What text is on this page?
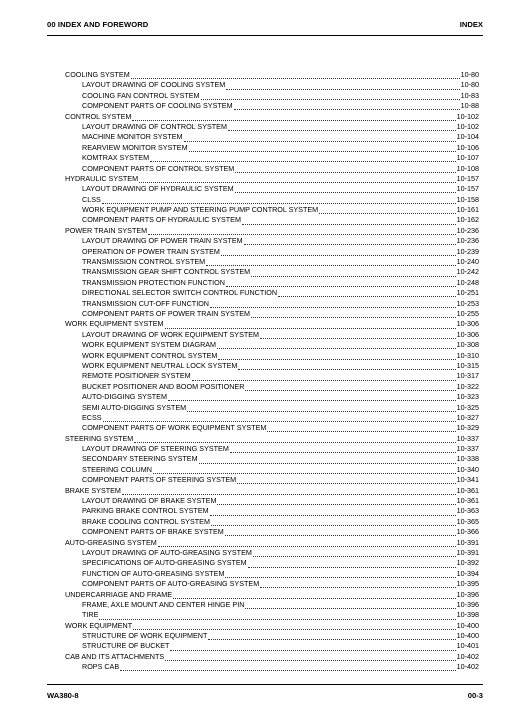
00 INDEX AND FOREWORD	INDEX
COOLING SYSTEM	10-80
LAYOUT DRAWING OF COOLING SYSTEM	10-80
COOLING FAN CONTROL SYSTEM	10-83
COMPONENT PARTS OF COOLING SYSTEM	10-88
CONTROL SYSTEM	10-102
LAYOUT DRAWING OF CONTROL SYSTEM	10-102
MACHINE MONITOR SYSTEM	10-104
REARVIEW MONITOR SYSTEM	10-106
KOMTRAX SYSTEM	10-107
COMPONENT PARTS OF CONTROL SYSTEM	10-108
HYDRAULIC SYSTEM	10-157
LAYOUT DRAWING OF HYDRAULIC SYSTEM	10-157
CLSS	10-158
WORK EQUIPMENT PUMP AND STEERING PUMP CONTROL SYSTEM	10-161
COMPONENT PARTS OF HYDRAULIC SYSTEM	10-162
POWER TRAIN SYSTEM	10-236
LAYOUT DRAWING OF POWER TRAIN SYSTEM	10-236
OPERATION OF POWER TRAIN SYSTEM	10-239
TRANSMISSION CONTROL SYSTEM	10-240
TRANSMISSION GEAR SHIFT CONTROL SYSTEM	10-242
TRANSMISSION PROTECTION FUNCTION	10-248
DIRECTIONAL SELECTOR SWITCH CONTROL FUNCTION	10-251
TRANSMISSION CUT-OFF FUNCTION	10-253
COMPONENT PARTS OF POWER TRAIN SYSTEM	10-255
WORK EQUIPMENT SYSTEM	10-306
LAYOUT DRAWING OF WORK EQUIPMENT SYSTEM	10-306
WORK EQUIPMENT SYSTEM DIAGRAM	10-308
WORK EQUIPMENT CONTROL SYSTEM	10-310
WORK EQUIPMENT NEUTRAL LOCK SYSTEM	10-315
REMOTE POSITIONER SYSTEM	10-317
BUCKET POSITIONER AND BOOM POSITIONER	10-322
AUTO-DIGGING SYSTEM	10-323
SEMI AUTO-DIGGING SYSTEM	10-325
ECSS	10-327
COMPONENT PARTS OF WORK EQUIPMENT SYSTEM	10-329
STEERING SYSTEM	10-337
LAYOUT DRAWING OF STEERING SYSTEM	10-337
SECONDARY STEERING SYSTEM	10-338
STEERING COLUMN	10-340
COMPONENT PARTS OF STEERING SYSTEM	10-341
BRAKE SYSTEM	10-361
LAYOUT DRAWING OF BRAKE SYSTEM	10-361
PARKING BRAKE CONTROL SYSTEM	10-363
BRAKE COOLING CONTROL SYSTEM	10-365
COMPONENT PARTS OF BRAKE SYSTEM	10-366
AUTO-GREASING SYSTEM	10-391
LAYOUT DRAWING OF AUTO-GREASING SYSTEM	10-391
SPECIFICATIONS OF AUTO-GREASING SYSTEM	10-392
FUNCTION OF AUTO-GREASING SYSTEM	10-394
COMPONENT PARTS OF AUTO-GREASING SYSTEM	10-395
UNDERCARRIAGE AND FRAME	10-396
FRAME, AXLE MOUNT AND CENTER HINGE PIN	10-396
TIRE	10-398
WORK EQUIPMENT	10-400
STRUCTURE OF WORK EQUIPMENT	10-400
STRUCTURE OF BUCKET	10-401
CAB AND ITS ATTACHMENTS	10-402
ROPS CAB	10-402
WA380-8	00-3
